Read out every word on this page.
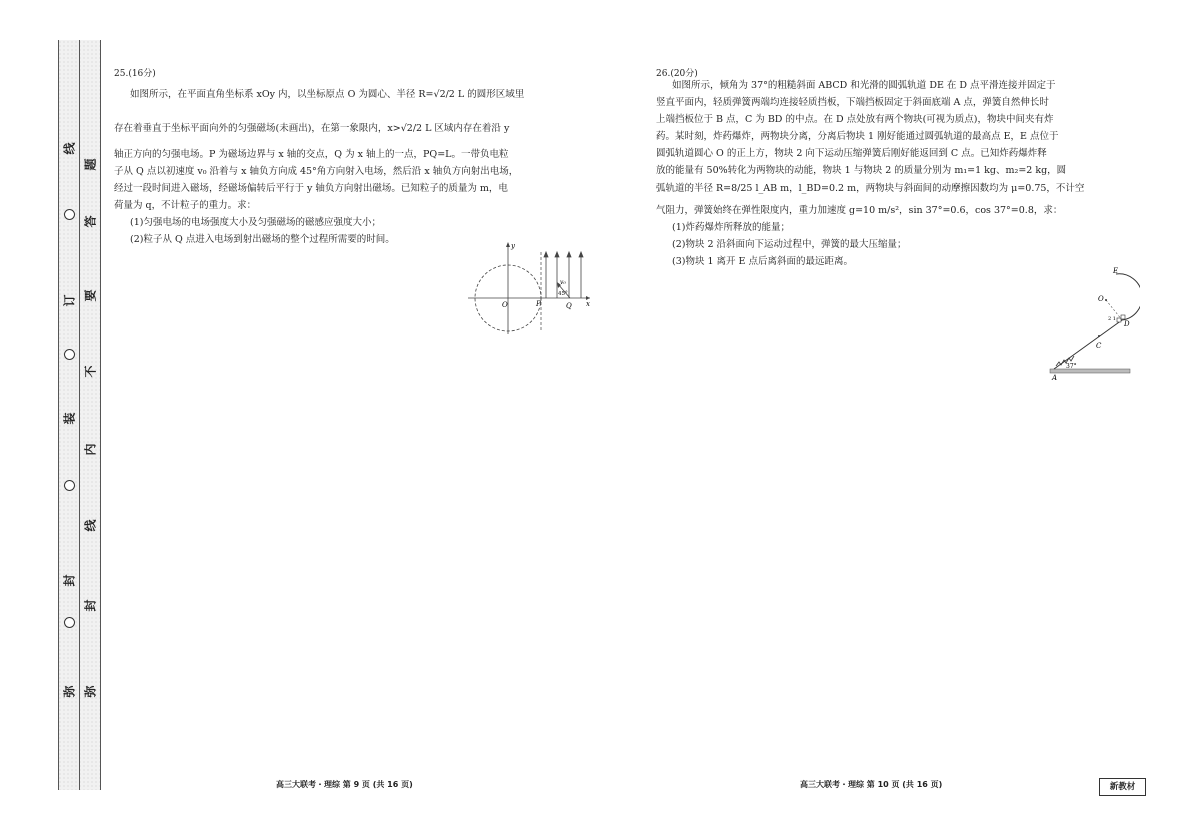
线
订
装
封
弥
题
答
要
不
内
线
封
弥
25.(16分)
如图所示，在平面直角坐标系 xOy 内，以坐标原点 O 为圆心、半径 R=√2/2 L 的圆形区域里
存在着垂直于坐标平面向外的匀强磁场(未画出)，在第一象限内，x>√2/2 L 区域内存在着沿 y
轴正方向的匀强电场。P 为磁场边界与 x 轴的交点，Q 为 x 轴上的一点，PQ=L。一带负电粒
子从 Q 点以初速度 v₀ 沿着与 x 轴负方向成 45°角方向射入电场，然后沿 x 轴负方向射出电场，
经过一段时间进入磁场，经磁场偏转后平行于 y 轴负方向射出磁场。已知粒子的质量为 m，电
荷量为 q，不计粒子的重力。求：
(1)匀强电场的电场强度大小及匀强磁场的磁感应强度大小；
(2)粒子从 Q 点进入电场到射出磁场的整个过程所需要的时间。
v₀
45°
O	P	Q x
y
26.(20分)
如图所示，倾角为 37°的粗糙斜面 ABCD 和光滑的圆弧轨道 DE 在 D 点平滑连接并固定于
竖直平面内，轻质弹簧两端均连接轻质挡板，下端挡板固定于斜面底端 A 点，弹簧自然伸长时
上端挡板位于 B 点，C 为 BD 的中点。在 D 点处放有两个物块(可视为质点)，物块中间夹有炸
药。某时刻，炸药爆炸，两物块分离，分离后物块 1 刚好能通过圆弧轨道的最高点 E，E 点位于
圆弧轨道圆心 O 的正上方，物块 2 向下运动压缩弹簧后刚好能返回到 C 点。已知炸药爆炸释
放的能量有 50%转化为两物块的动能，物块 1 与物块 2 的质量分别为 m₁=1 kg、m₂=2 kg，圆
弧轨道的半径 R=8/25 l_AB m，l_BD=0.2 m，两物块与斜面间的动摩擦因数均为 μ=0.75，不计空
气阻力，弹簧始终在弹性限度内，重力加速度 g=10 m/s²，sin 37°=0.6，cos 37°=0.8，求：
(1)炸药爆炸所释放的能量；
(2)物块 2 沿斜面向下运动过程中，弹簧的最大压缩量；
(3)物块 1 离开 E 点后离斜面的最远距离。
E
O
D
C
A
37°
2 1
高三大联考・理综 第 9 页 (共 16 页)	高三大联考・理综 第 10 页 (共 16 页)	新教材
